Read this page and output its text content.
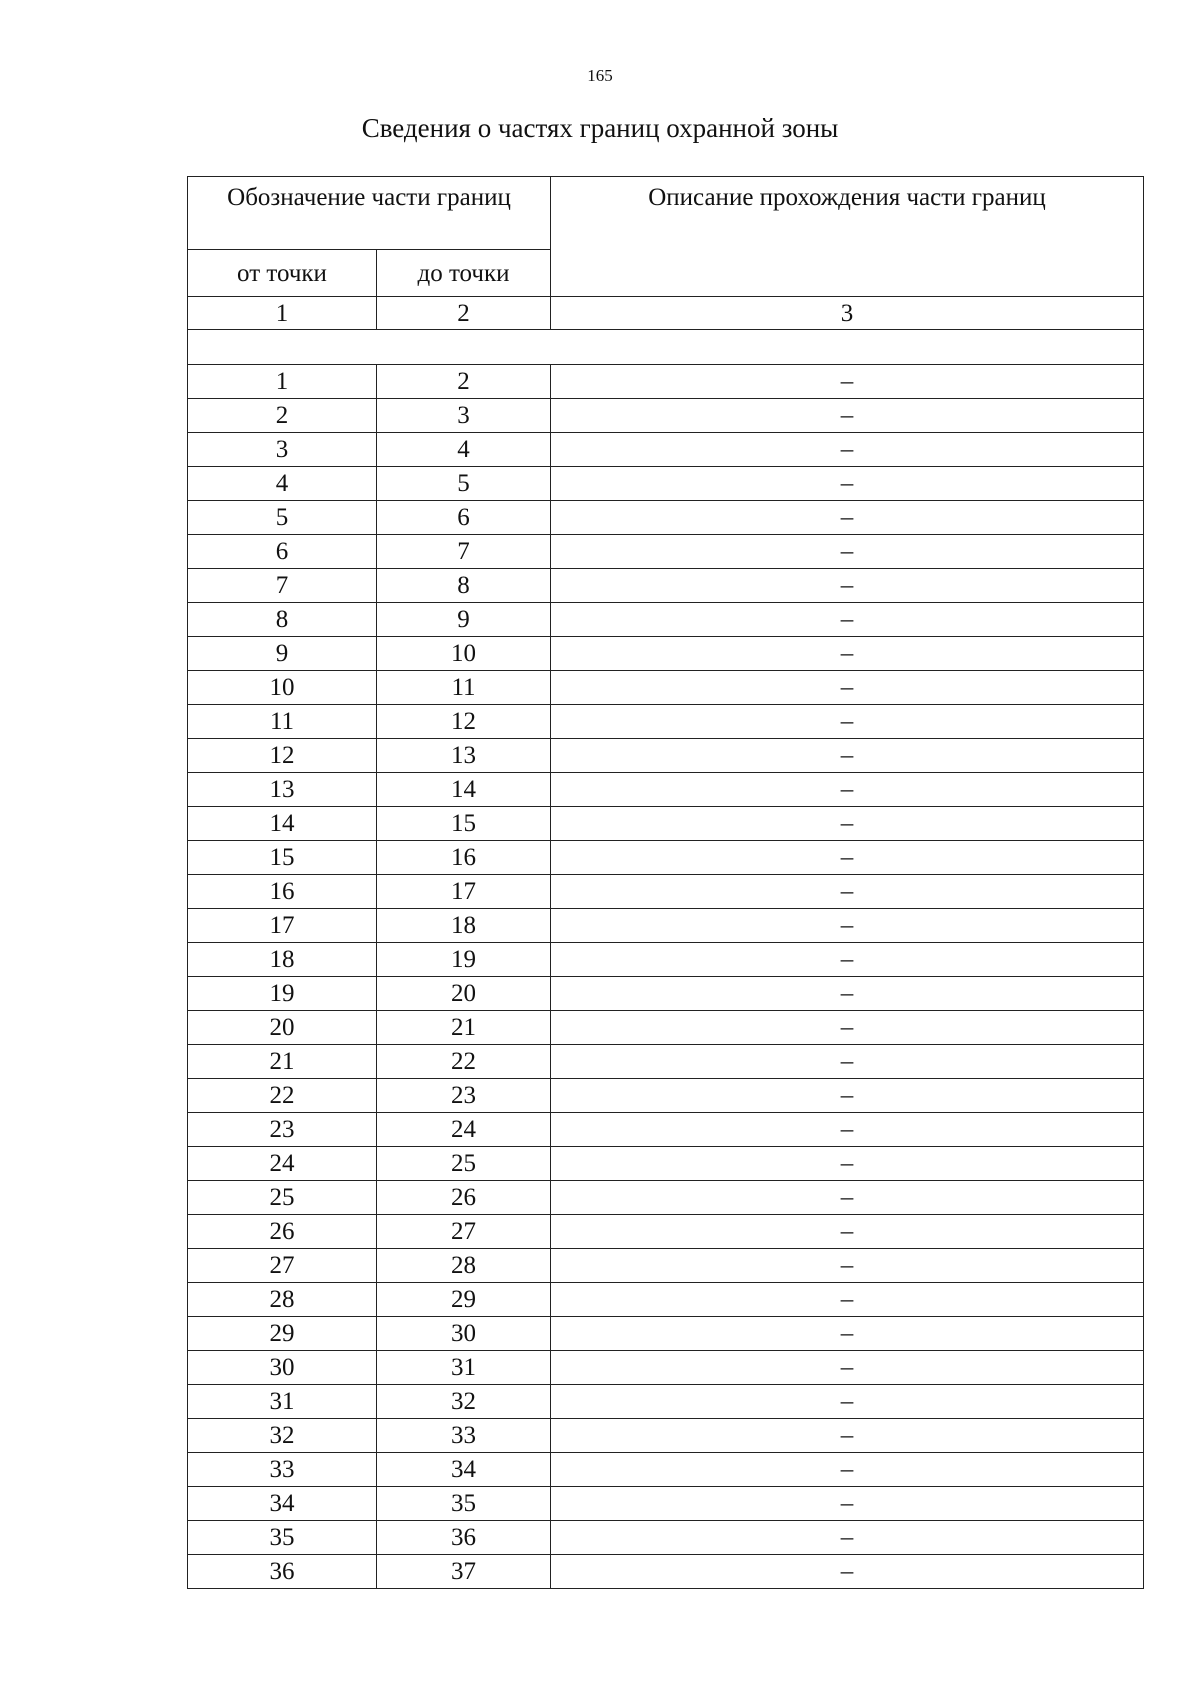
165
Сведения о частях границ охранной зоны
Обозначение части границ		Описание прохождения части границ

от точки	до точки	
1	2	3

1	2	–
2	3	–
3	4	–
4	5	–
5	6	–
6	7	–
7	8	–
8	9	–
9	10	–
10	11	–
11	12	–
12	13	–
13	14	–
14	15	–
15	16	–
16	17	–
17	18	–
18	19	–
19	20	–
20	21	–
21	22	–
22	23	–
23	24	–
24	25	–
25	26	–
26	27	–
27	28	–
28	29	–
29	30	–
30	31	–
31	32	–
32	33	–
33	34	–
34	35	–
35	36	–
36	37	–
